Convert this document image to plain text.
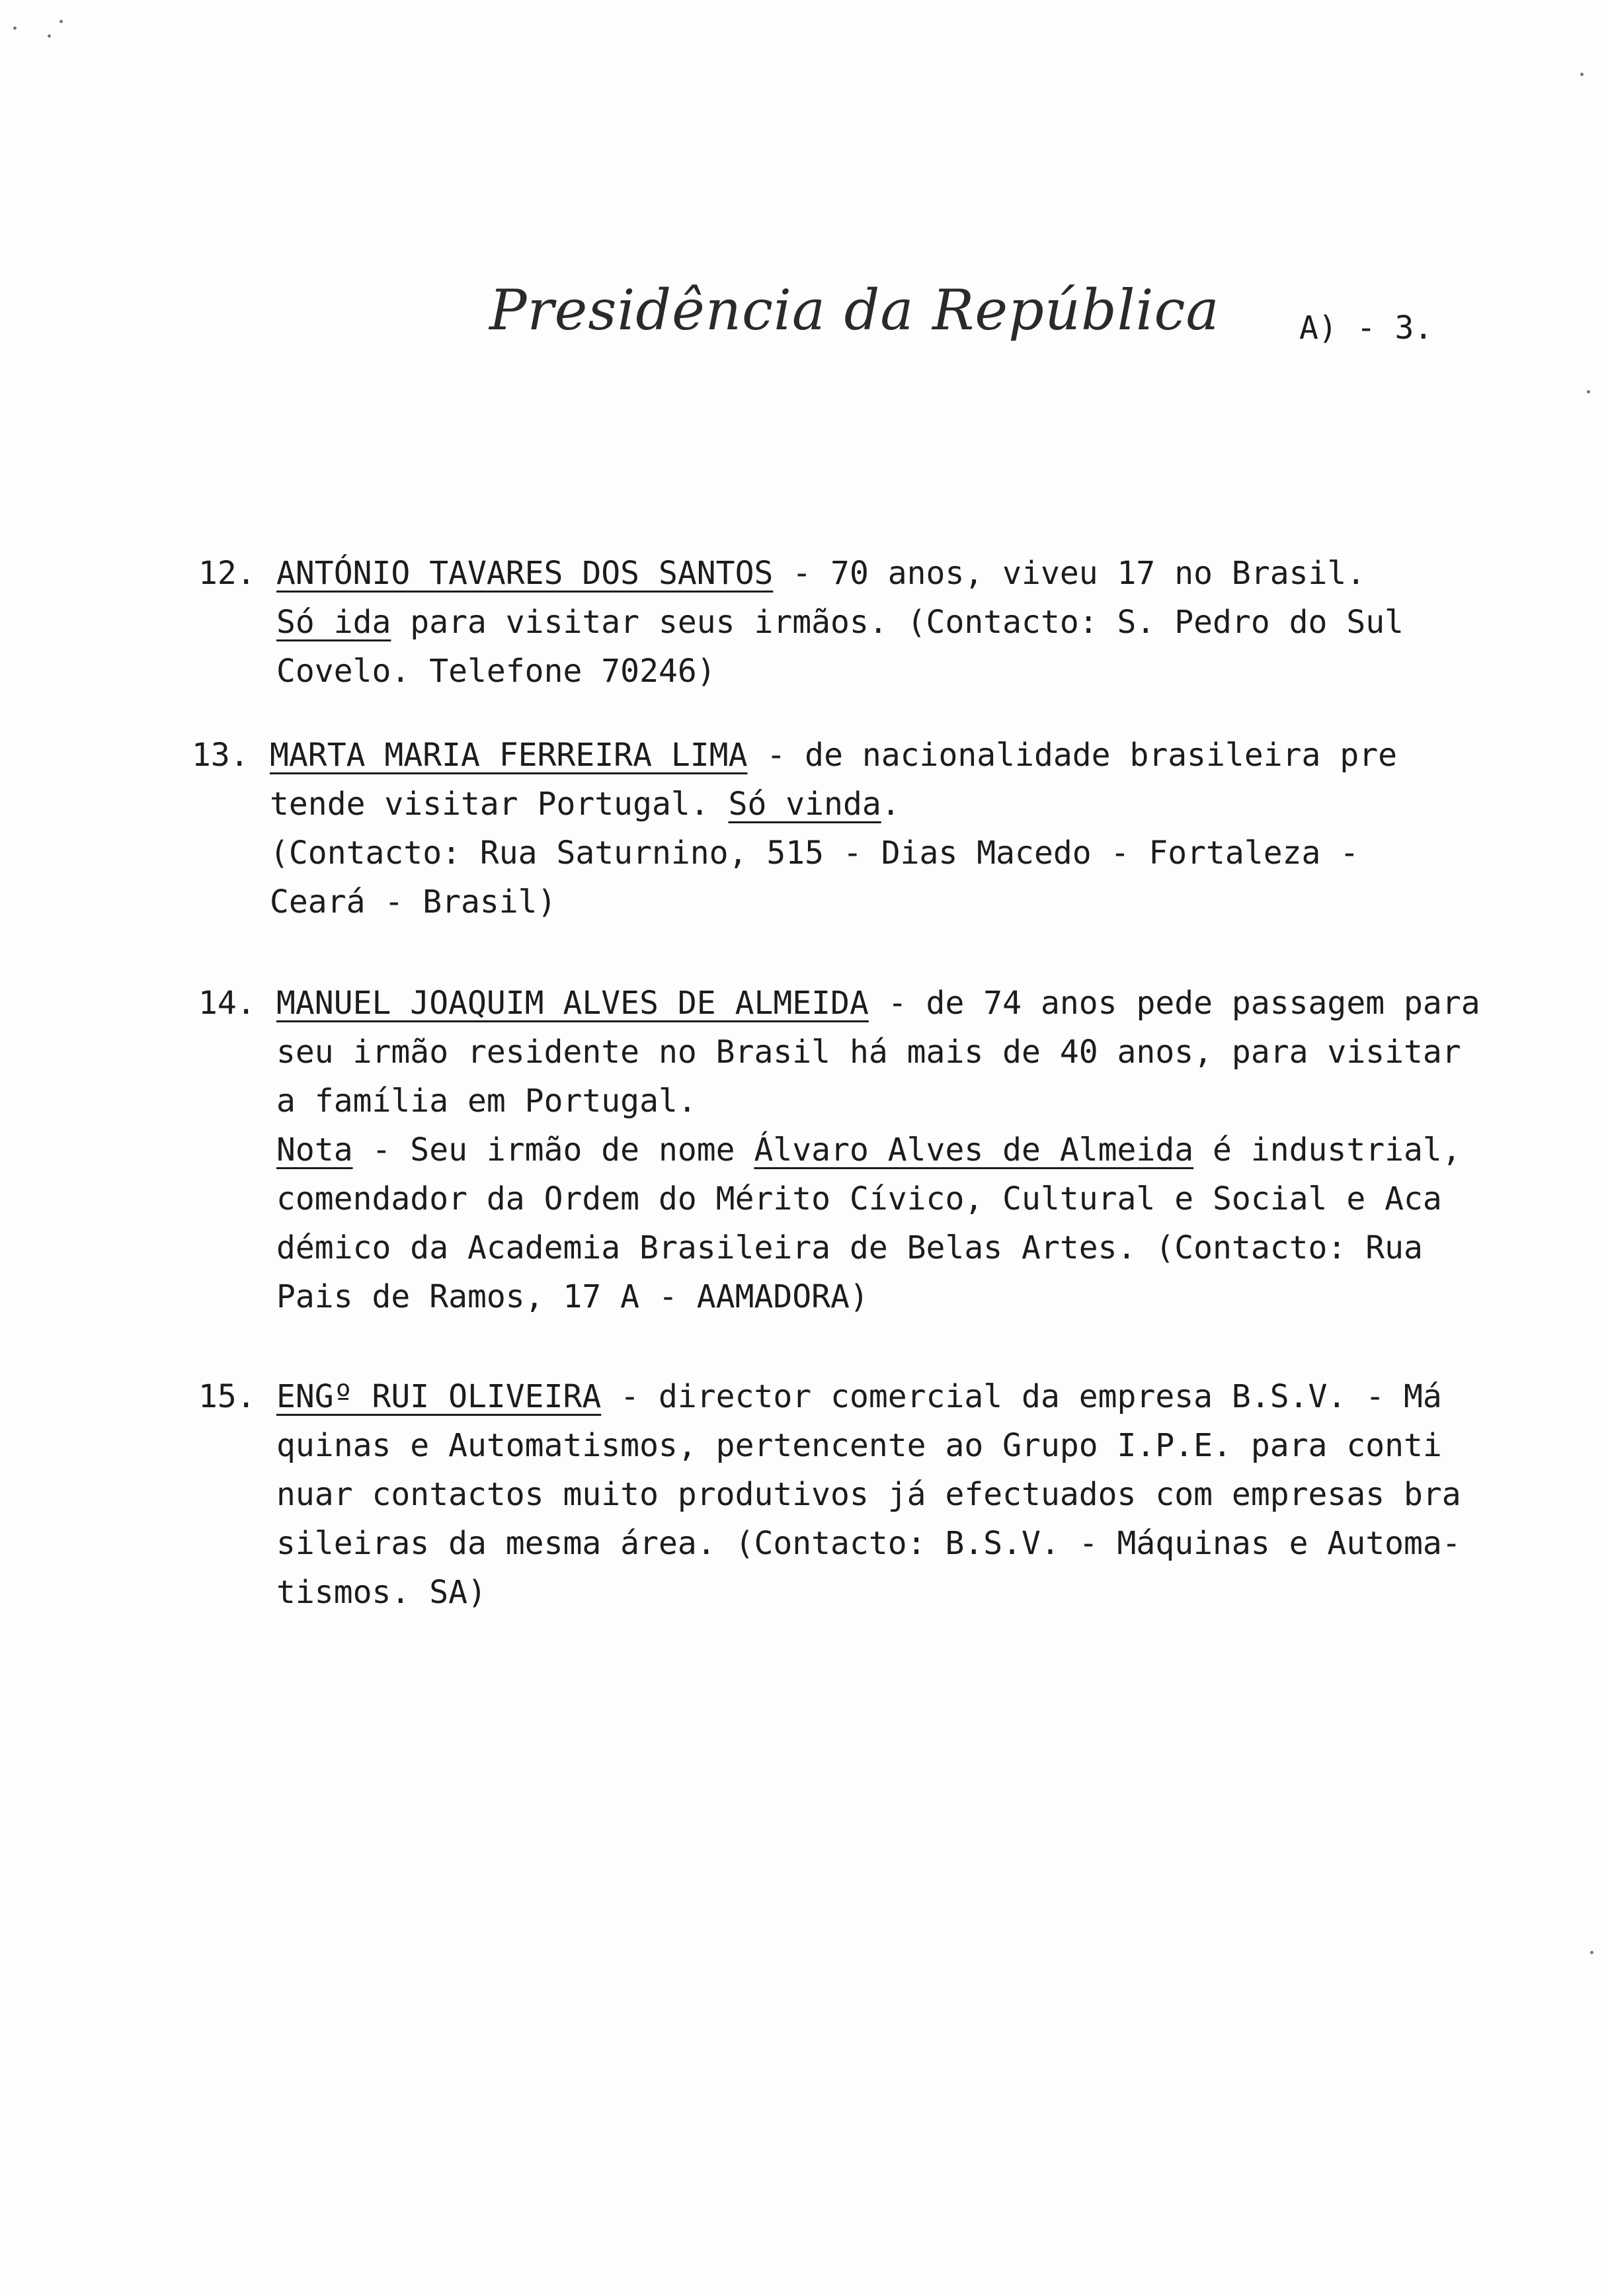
Presidência da República	A) - 3.
12. ANTÓNIO TAVARES DOS SANTOS - 70 anos, viveu 17 no Brasil.
Só ida para visitar seus irmãos. (Contacto: S. Pedro do Sul
Covelo. Telefone 70246)
13. MARTA MARIA FERREIRA LIMA - de nacionalidade brasileira pre
tende visitar Portugal. Só vinda.
(Contacto: Rua Saturnino, 515 - Dias Macedo - Fortaleza -
Ceará - Brasil)
14. MANUEL JOAQUIM ALVES DE ALMEIDA - de 74 anos pede passagem para
seu irmão residente no Brasil há mais de 40 anos, para visitar
a família em Portugal.
Nota - Seu irmão de nome Álvaro Alves de Almeida é industrial,
comendador da Ordem do Mérito Cívico, Cultural e Social e Aca
démico da Academia Brasileira de Belas Artes. (Contacto: Rua
Pais de Ramos, 17 A - AAMADORA)
15. ENGº RUI OLIVEIRA - director comercial da empresa B.S.V. - Má
quinas e Automatismos, pertencente ao Grupo I.P.E. para conti
nuar contactos muito produtivos já efectuados com empresas bra
sileiras da mesma área. (Contacto: B.S.V. - Máquinas e Automa-
tismos. SA)
